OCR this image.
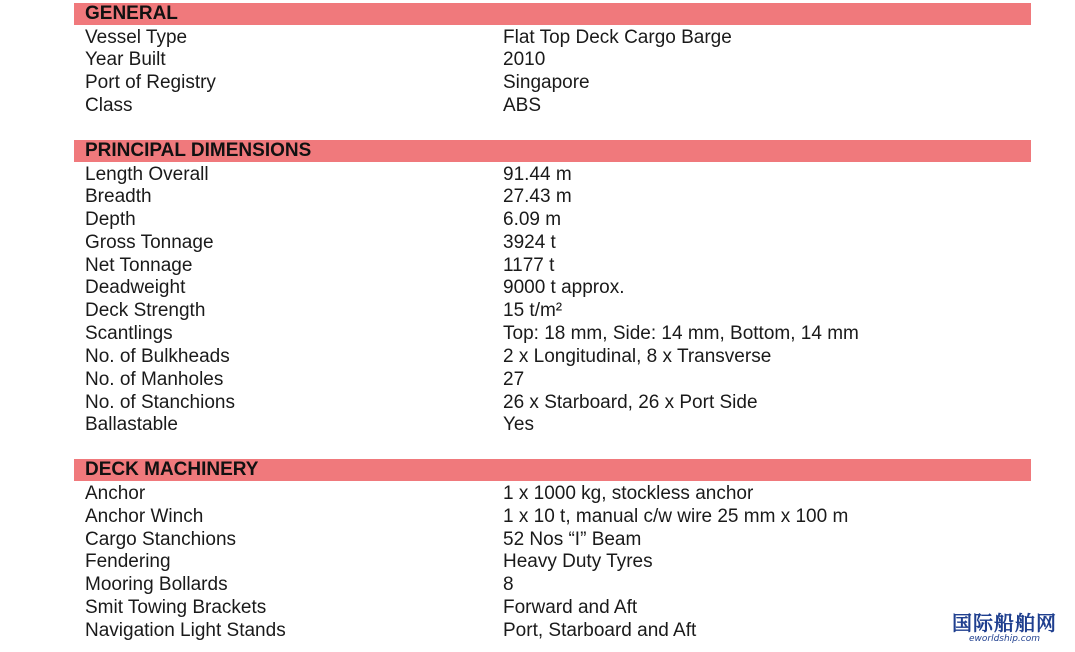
GENERAL
Vessel Type	Flat Top Deck Cargo Barge
Year Built	2010
Port of Registry	Singapore
Class	ABS
PRINCIPAL DIMENSIONS
Length Overall	91.44 m
Breadth	27.43 m
Depth	6.09 m
Gross Tonnage	3924 t
Net Tonnage	1177 t
Deadweight	9000 t approx.
Deck Strength	15 t/m²
Scantlings	Top: 18 mm, Side: 14 mm, Bottom, 14 mm
No. of Bulkheads	2 x Longitudinal, 8 x Transverse
No. of Manholes	27
No. of Stanchions	26 x Starboard, 26 x Port Side
Ballastable	Yes
DECK MACHINERY
Anchor	1 x 1000 kg, stockless anchor
Anchor Winch	1 x 10 t, manual c/w wire 25 mm x 100 m
Cargo Stanchions	52 Nos “I” Beam
Fendering	Heavy Duty Tyres
Mooring Bollards	8
Smit Towing Brackets	Forward and Aft
Navigation Light Stands	Port, Starboard and Aft	国际船舶网
eworldship.com
